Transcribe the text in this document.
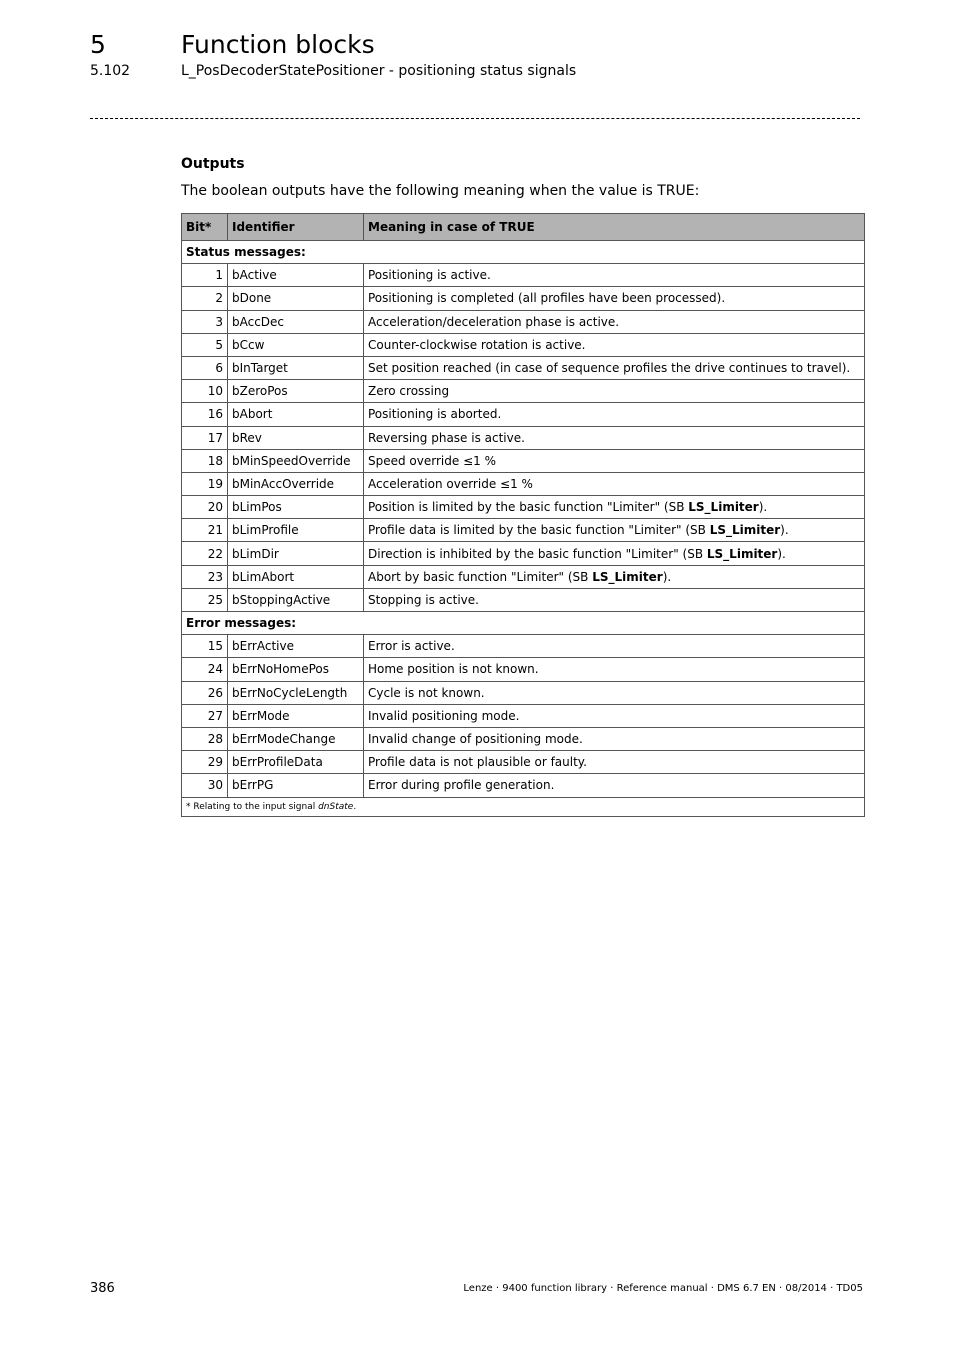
5	Function blocks
5.102	L_PosDecoderStatePositioner - positioning status signals
Outputs
The boolean outputs have the following meaning when the value is TRUE:
Bit*	Identifier	Meaning in case of TRUE
Status messages:		
1	bActive	Positioning is active.
2	bDone	Positioning is completed (all profiles have been processed).
3	bAccDec	Acceleration/deceleration phase is active.
5	bCcw	Counter-clockwise rotation is active.
6	bInTarget	Set position reached (in case of sequence profiles the drive continues to travel).
10	bZeroPos	Zero crossing
16	bAbort	Positioning is aborted.
17	bRev	Reversing phase is active.
18	bMinSpeedOverride	Speed override ≤1 %
19	bMinAccOverride	Acceleration override ≤1 %
20	bLimPos	Position is limited by the basic function "Limiter" (SB LS_Limiter).
21	bLimProfile	Profile data is limited by the basic function "Limiter" (SB LS_Limiter).
22	bLimDir	Direction is inhibited by the basic function "Limiter" (SB LS_Limiter).
23	bLimAbort	Abort by basic function "Limiter" (SB LS_Limiter).
25	bStoppingActive	Stopping is active.
Error messages:		
15	bErrActive	Error is active.
24	bErrNoHomePos	Home position is not known.
26	bErrNoCycleLength	Cycle is not known.
27	bErrMode	Invalid positioning mode.
28	bErrModeChange	Invalid change of positioning mode.
29	bErrProfileData	Profile data is not plausible or faulty.
30	bErrPG	Error during profile generation.
* Relating to the input signal dnState.		
386	Lenze · 9400 function library · Reference manual · DMS 6.7 EN · 08/2014 · TD05
